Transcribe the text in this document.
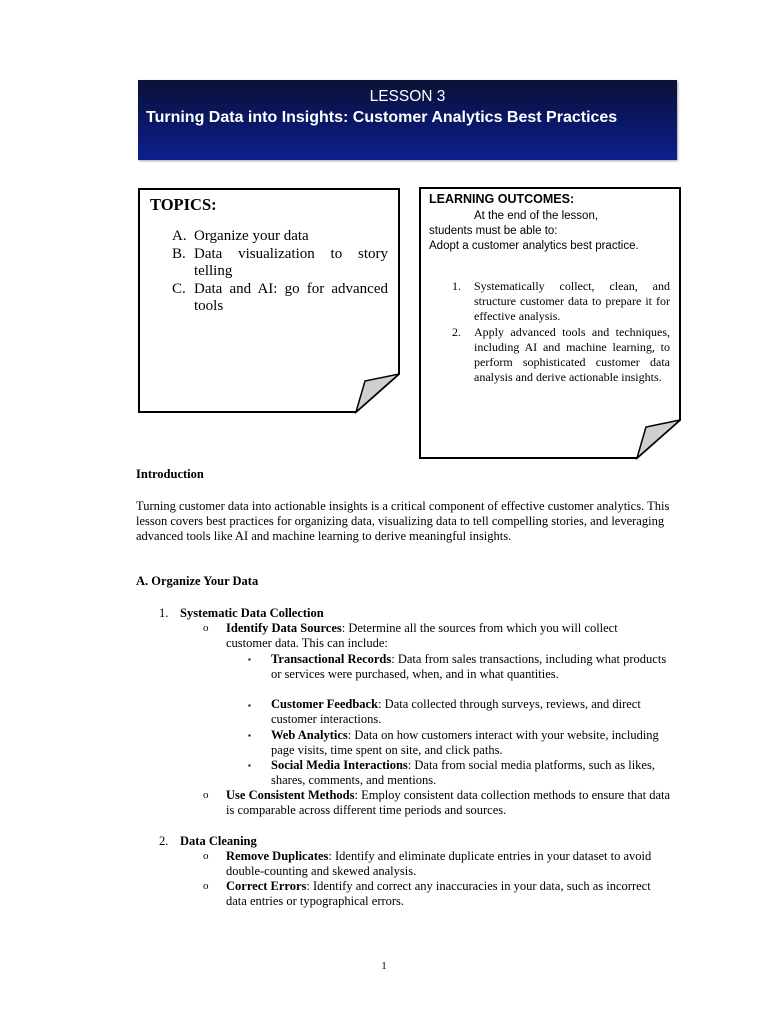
LESSON 3
Turning Data into Insights: Customer Analytics Best Practices
TOPICS:
A. Organize your data
B. Data visualization to story telling
C. Data and AI: go for advanced tools
LEARNING OUTCOMES:
At the end of the lesson,
students must be able to:
Adopt a customer analytics best practice.
1. Systematically collect, clean, and structure customer data to prepare it for effective analysis.
2. Apply advanced tools and techniques, including AI and machine learning, to perform sophisticated customer data analysis and derive actionable insights.
Introduction
Turning customer data into actionable insights is a critical component of effective customer analytics. This lesson covers best practices for organizing data, visualizing data to tell compelling stories, and leveraging advanced tools like AI and machine learning to derive meaningful insights.
A. Organize Your Data
1. Systematic Data Collection
o Identify Data Sources: Determine all the sources from which you will collect customer data. This can include:
▪ Transactional Records: Data from sales transactions, including what products or services were purchased, when, and in what quantities.
▪ Customer Feedback: Data collected through surveys, reviews, and direct customer interactions.
▪ Web Analytics: Data on how customers interact with your website, including page visits, time spent on site, and click paths.
▪ Social Media Interactions: Data from social media platforms, such as likes, shares, comments, and mentions.
o Use Consistent Methods: Employ consistent data collection methods to ensure that data is comparable across different time periods and sources.
2. Data Cleaning
o Remove Duplicates: Identify and eliminate duplicate entries in your dataset to avoid double-counting and skewed analysis.
o Correct Errors: Identify and correct any inaccuracies in your data, such as incorrect data entries or typographical errors.
1
